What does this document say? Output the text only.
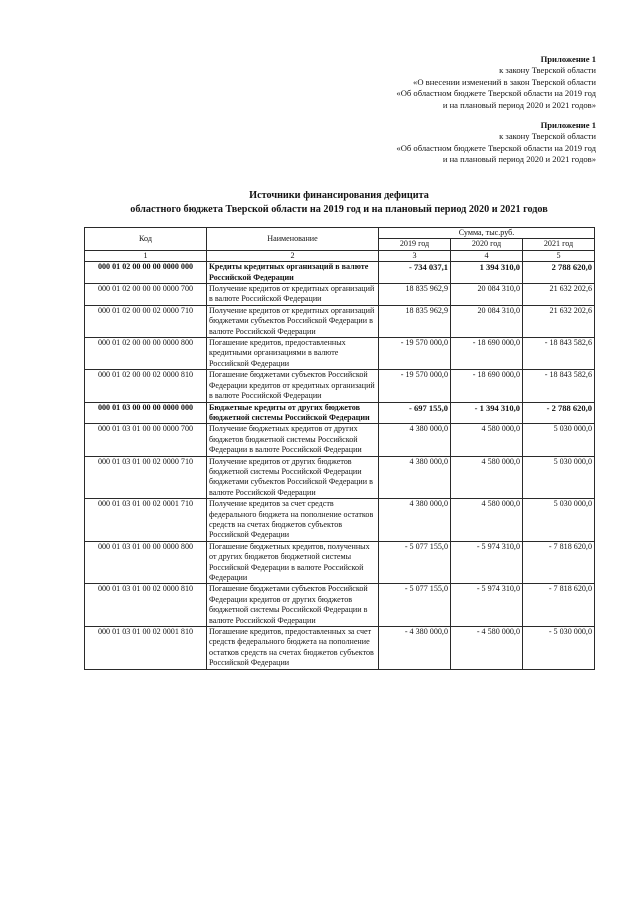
Приложение 1
к закону Тверской области
«О внесении изменений в закон Тверской области
«Об областном бюджете Тверской области на 2019 год
и на плановый период 2020 и 2021 годов»
Приложение 1
к закону Тверской области
«Об областном бюджете Тверской области на 2019 год
и на плановый период 2020 и 2021 годов»
Источники финансирования дефицита
областного бюджета Тверской области на 2019 год и на плановый период 2020 и 2021 годов
Код	Наименование	Сумма, тыс.руб.		
		2019 год	2020 год	2021 год
1	2	3	4	5
000 01 02 00 00 00 0000 000	Кредиты кредитных организаций в валюте Российской Федерации	- 734 037,1	1 394 310,0	2 788 620,0
000 01 02 00 00 00 0000 700	Получение кредитов от кредитных организаций в валюте Российской Федерации	18 835 962,9	20 084 310,0	21 632 202,6
000 01 02 00 00 02 0000 710	Получение кредитов от кредитных организаций бюджетами субъектов Российской Федерации в валюте Российской Федерации	18 835 962,9	20 084 310,0	21 632 202,6
000 01 02 00 00 00 0000 800	Погашение кредитов, предоставленных кредитными организациями в валюте Российской Федерации	- 19 570 000,0	- 18 690 000,0	- 18 843 582,6
000 01 02 00 00 02 0000 810	Погашение бюджетами субъектов Российской Федерации кредитов от кредитных организаций в валюте Российской Федерации	- 19 570 000,0	- 18 690 000,0	- 18 843 582,6
000 01 03 00 00 00 0000 000	Бюджетные кредиты от других бюджетов бюджетной системы Российской Федерации	- 697 155,0	- 1 394 310,0	- 2 788 620,0
000 01 03 01 00 00 0000 700	Получение бюджетных кредитов от других бюджетов бюджетной системы Российской Федерации в валюте Российской Федерации	4 380 000,0	4 580 000,0	5 030 000,0
000 01 03 01 00 02 0000 710	Получение кредитов от других бюджетов бюджетной системы Российской Федерации бюджетами субъектов Российской Федерации в валюте Российской Федерации	4 380 000,0	4 580 000,0	5 030 000,0
000 01 03 01 00 02 0001 710	Получение кредитов за счет средств федерального бюджета на пополнение остатков средств на счетах бюджетов субъектов Российской Федерации	4 380 000,0	4 580 000,0	5 030 000,0
000 01 03 01 00 00 0000 800	Погашение бюджетных кредитов, полученных от других бюджетов бюджетной системы Российской Федерации в валюте Российской Федерации	- 5 077 155,0	- 5 974 310,0	- 7 818 620,0
000 01 03 01 00 02 0000 810	Погашение бюджетами субъектов Российской Федерации кредитов от других бюджетов бюджетной системы Российской Федерации в валюте Российской Федерации	- 5 077 155,0	- 5 974 310,0	- 7 818 620,0
000 01 03 01 00 02 0001 810	Погашение кредитов, предоставленных за счет средств федерального бюджета на пополнение остатков средств на счетах бюджетов субъектов Российской Федерации	- 4 380 000,0	- 4 580 000,0	- 5 030 000,0
